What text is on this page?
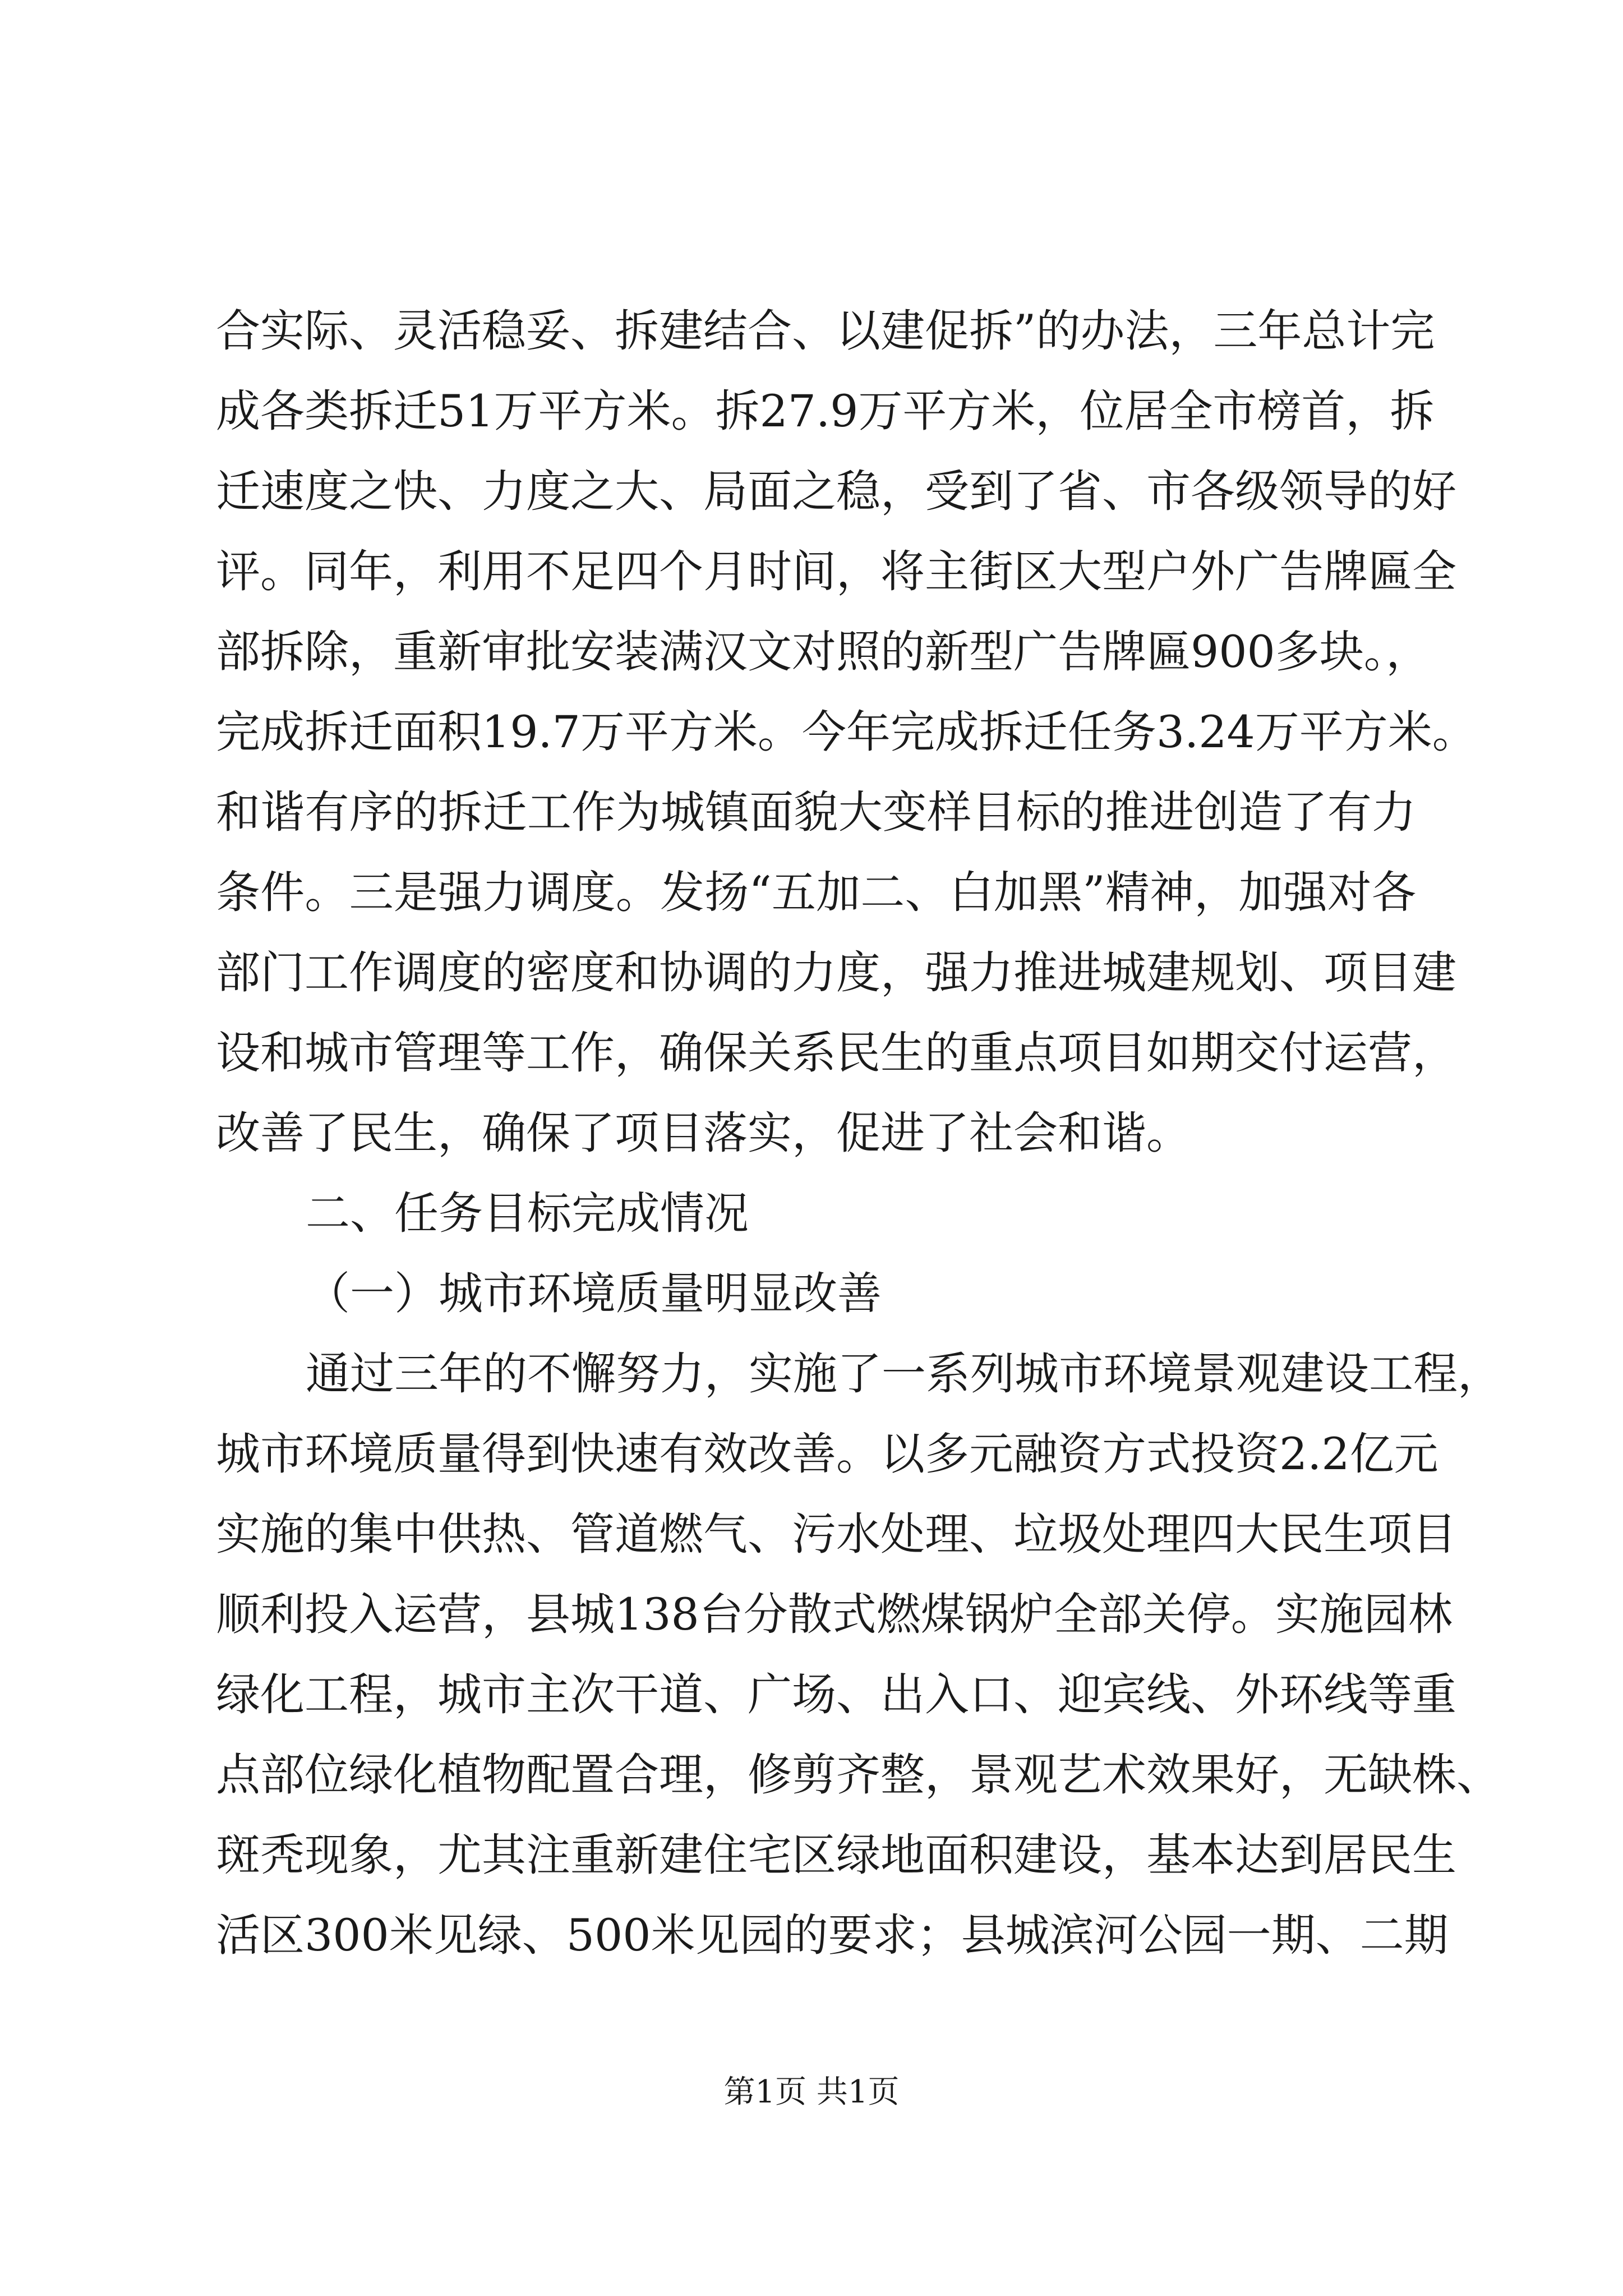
合实际、灵活稳妥、拆建结合、以建促拆”的办法，三年总计完
成各类拆迁51万平方米。拆27.9万平方米，位居全市榜首，拆
迁速度之快、力度之大、局面之稳，受到了省、市各级领导的好
评。同年，利用不足四个月时间，将主街区大型户外广告牌匾全
部拆除，重新审批安装满汉文对照的新型广告牌匾900多块。，
完成拆迁面积19.7万平方米。今年完成拆迁任务3.24万平方米。
和谐有序的拆迁工作为城镇面貌大变样目标的推进创造了有力
条件。三是强力调度。发扬“五加二、白加黑”精神，加强对各
部门工作调度的密度和协调的力度，强力推进城建规划、项目建
设和城市管理等工作，确保关系民生的重点项目如期交付运营，
改善了民生，确保了项目落实，促进了社会和谐。
二、任务目标完成情况
（一）城市环境质量明显改善
通过三年的不懈努力，实施了一系列城市环境景观建设工程，
城市环境质量得到快速有效改善。以多元融资方式投资2.2亿元
实施的集中供热、管道燃气、污水处理、垃圾处理四大民生项目
顺利投入运营，县城138台分散式燃煤锅炉全部关停。实施园林
绿化工程，城市主次干道、广场、出入口、迎宾线、外环线等重
点部位绿化植物配置合理，修剪齐整，景观艺术效果好，无缺株、
斑秃现象，尤其注重新建住宅区绿地面积建设，基本达到居民生
活区300米见绿、500米见园的要求；县城滨河公园一期、二期
第1页 共1页
